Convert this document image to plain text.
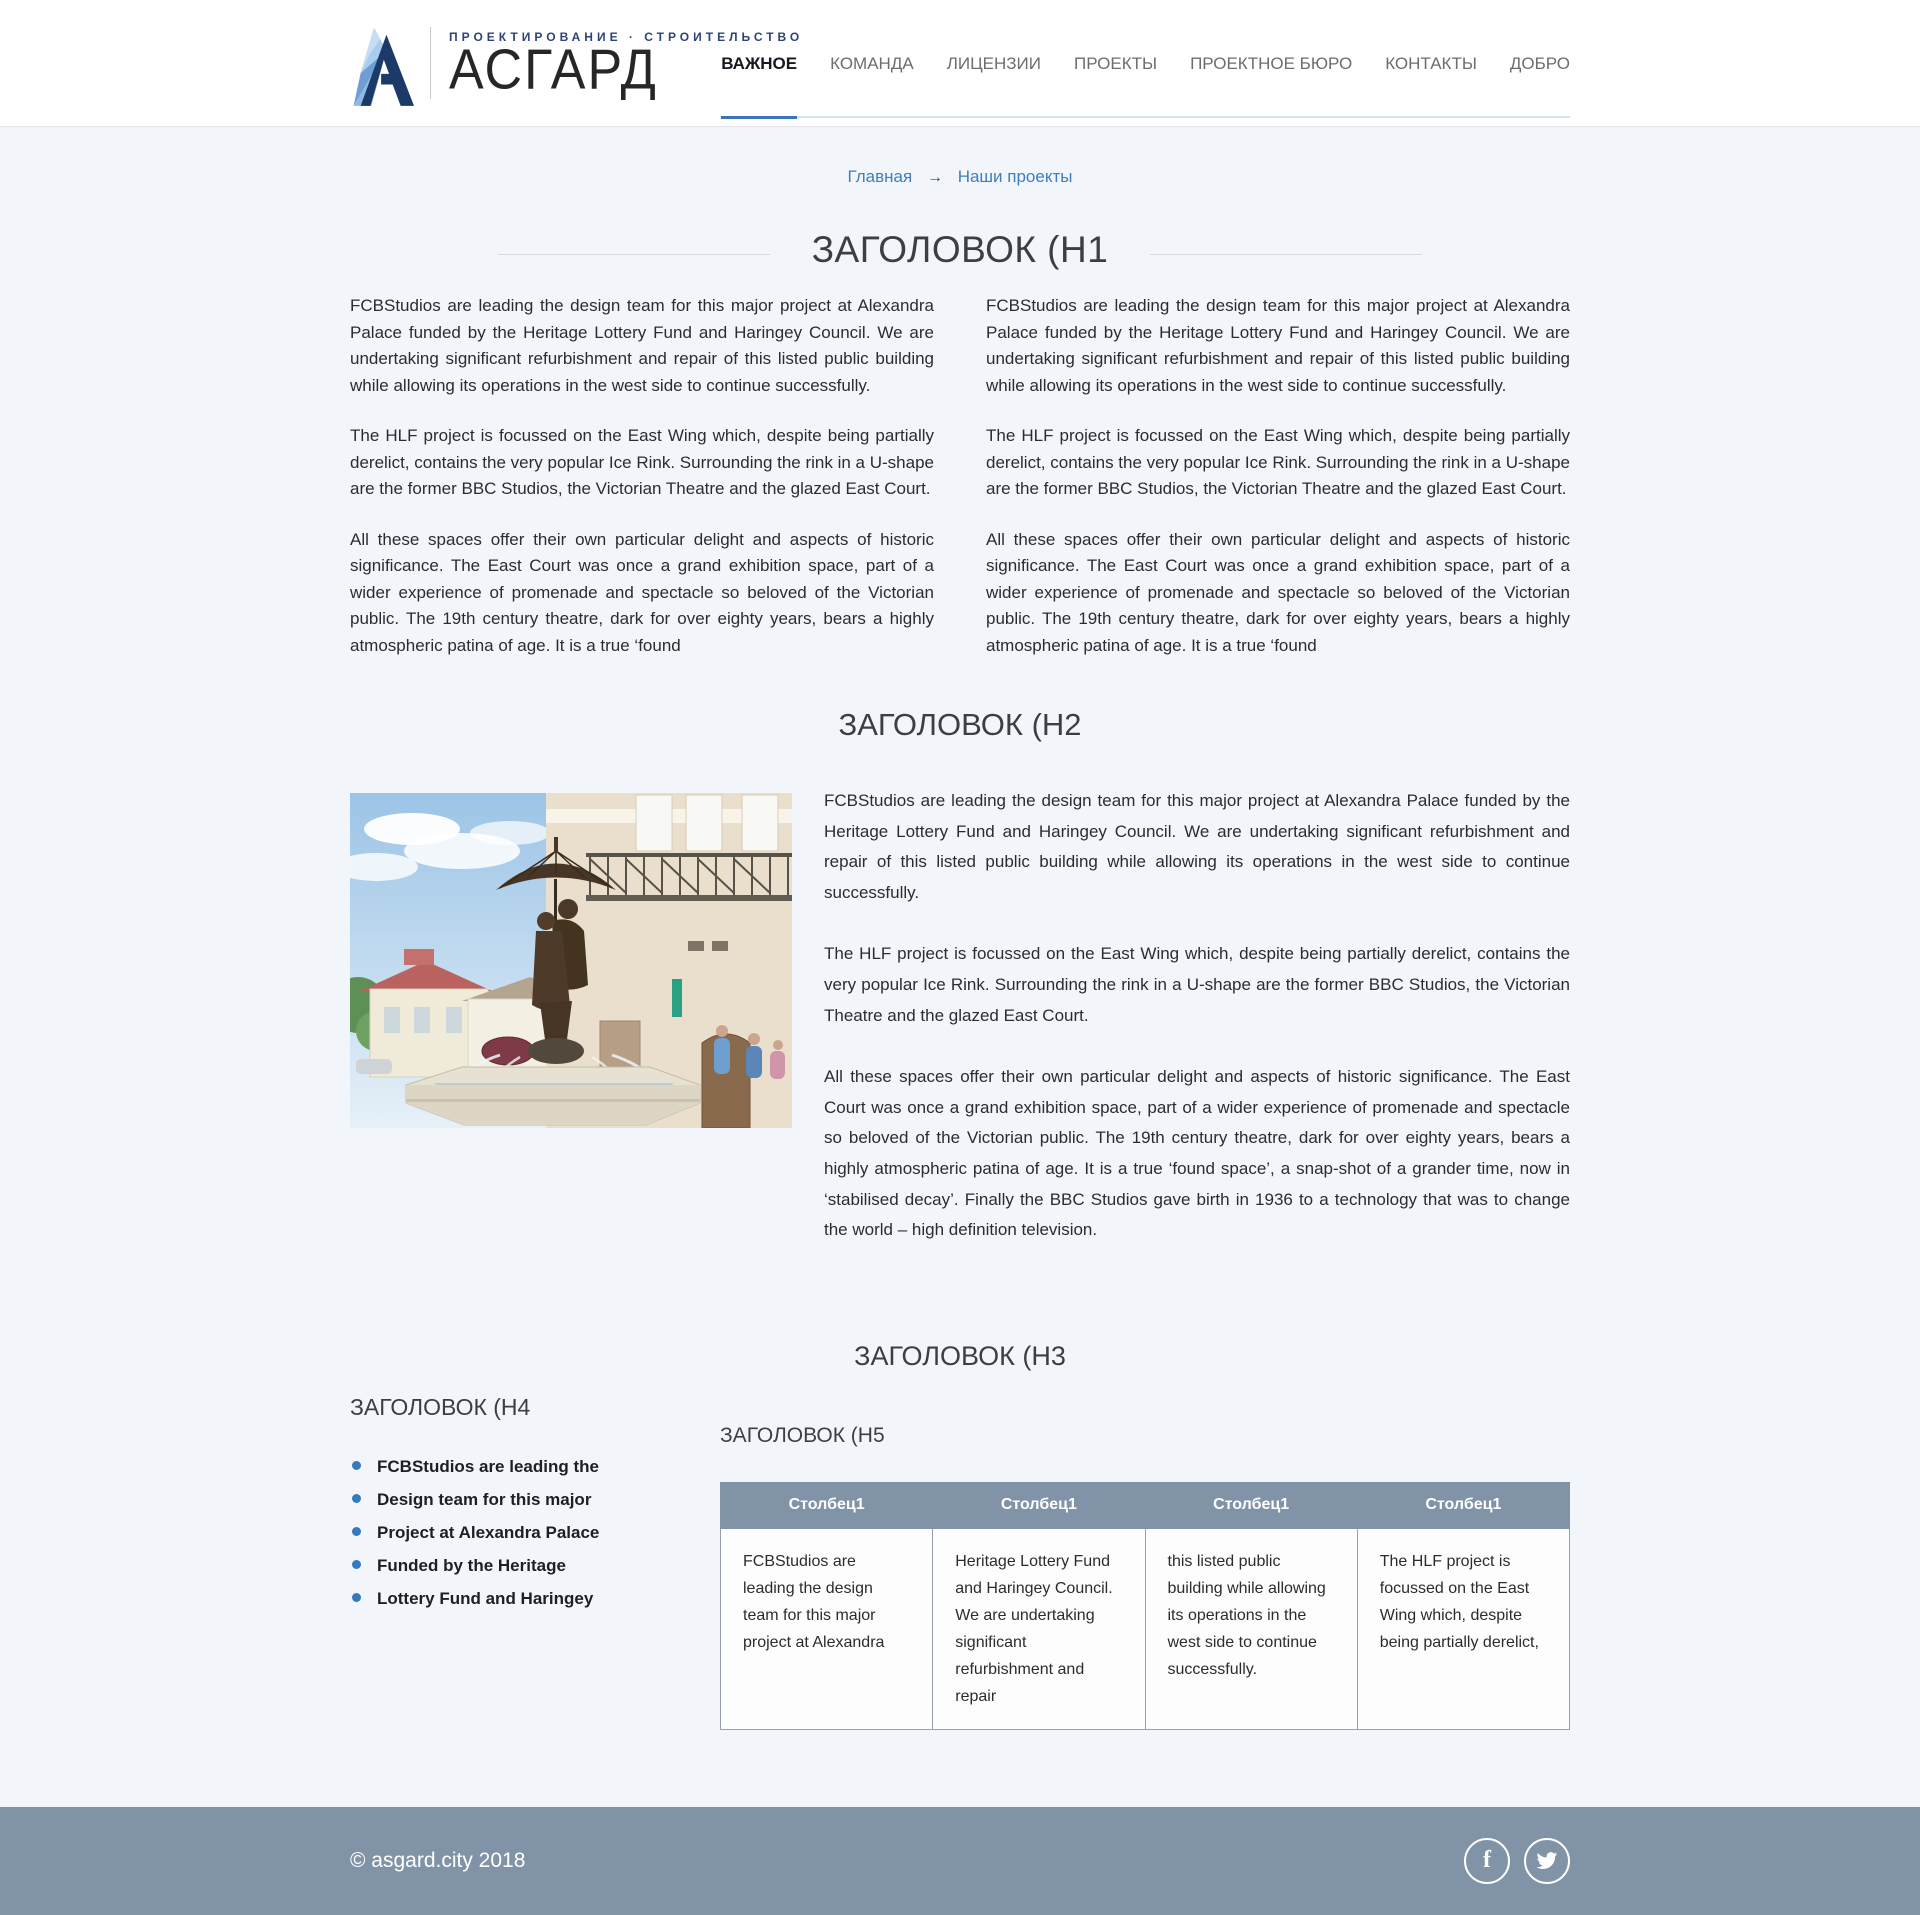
ПРОЕКТИРОВАНИЕ · СТРОИТЕЛЬСТВО
АСГАРД	ВАЖНОЕ КОМАНДА ЛИЦЕНЗИИ ПРОЕКТЫ ПРОЕКТНОЕ БЮРО КОНТАКТЫ ДОБРО
Главная → Наши проекты
ЗАГОЛОВОК (H1

FCBStudios are leading the design team for this major project at Alexandra Palace funded by the Heritage Lottery Fund and Haringey Council. We are undertaking significant refurbishment and repair of this listed public building while allowing its operations in the west side to continue successfully.

The HLF project is focussed on the East Wing which, despite being partially derelict, contains the very popular Ice Rink. Surrounding the rink in a U-shape are the former BBC Studios, the Victorian Theatre and the glazed East Court.

All these spaces offer their own particular delight and aspects of historic significance. The East Court was once a grand exhibition space, part of a wider experience of promenade and spectacle so beloved of the Victorian public. The 19th century theatre, dark for over eighty years, bears a highly atmospheric patina of age. It is a true ‘found

FCBStudios are leading the design team for this major project at Alexandra Palace funded by the Heritage Lottery Fund and Haringey Council. We are undertaking significant refurbishment and repair of this listed public building while allowing its operations in the west side to continue successfully.

The HLF project is focussed on the East Wing which, despite being partially derelict, contains the very popular Ice Rink. Surrounding the rink in a U-shape are the former BBC Studios, the Victorian Theatre and the glazed East Court.

All these spaces offer their own particular delight and aspects of historic significance. The East Court was once a grand exhibition space, part of a wider experience of promenade and spectacle so beloved of the Victorian public. The 19th century theatre, dark for over eighty years, bears a highly atmospheric patina of age. It is a true ‘found

ЗАГОЛОВОК (H2

FCBStudios are leading the design team for this major project at Alexandra Palace funded by the Heritage Lottery Fund and Haringey Council. We are undertaking significant refurbishment and repair of this listed public building while allowing its operations in the west side to continue successfully.

The HLF project is focussed on the East Wing which, despite being partially derelict, contains the very popular Ice Rink. Surrounding the rink in a U-shape are the former BBC Studios, the Victorian Theatre and the glazed East Court.

All these spaces offer their own particular delight and aspects of historic significance. The East Court was once a grand exhibition space, part of a wider experience of promenade and spectacle so beloved of the Victorian public. The 19th century theatre, dark for over eighty years, bears a highly atmospheric patina of age. It is a true ‘found space’, a snap-shot of a grander time, now in ‘stabilised decay’. Finally the BBC Studios gave birth in 1936 to a technology that was to change the world – high definition television.

ЗАГОЛОВОК (H3
ЗАГОЛОВОК (H4
FCBStudios are leading the
Design team for this major
Project at Alexandra Palace
Funded by the Heritage
Lottery Fund and Haringey
ЗАГОЛОВОК (H5
Столбец1	Столбец1	Столбец1	Столбец1
FCBStudios are leading the design team for this major project at Alexandra	Heritage Lottery Fund and Haringey Council. We are undertaking significant refurbishment and repair	this listed public building while allowing its operations in the west side to continue successfully.	The HLF project is focussed on the East Wing which, despite being partially derelict,
© asgard.city 2018	f
